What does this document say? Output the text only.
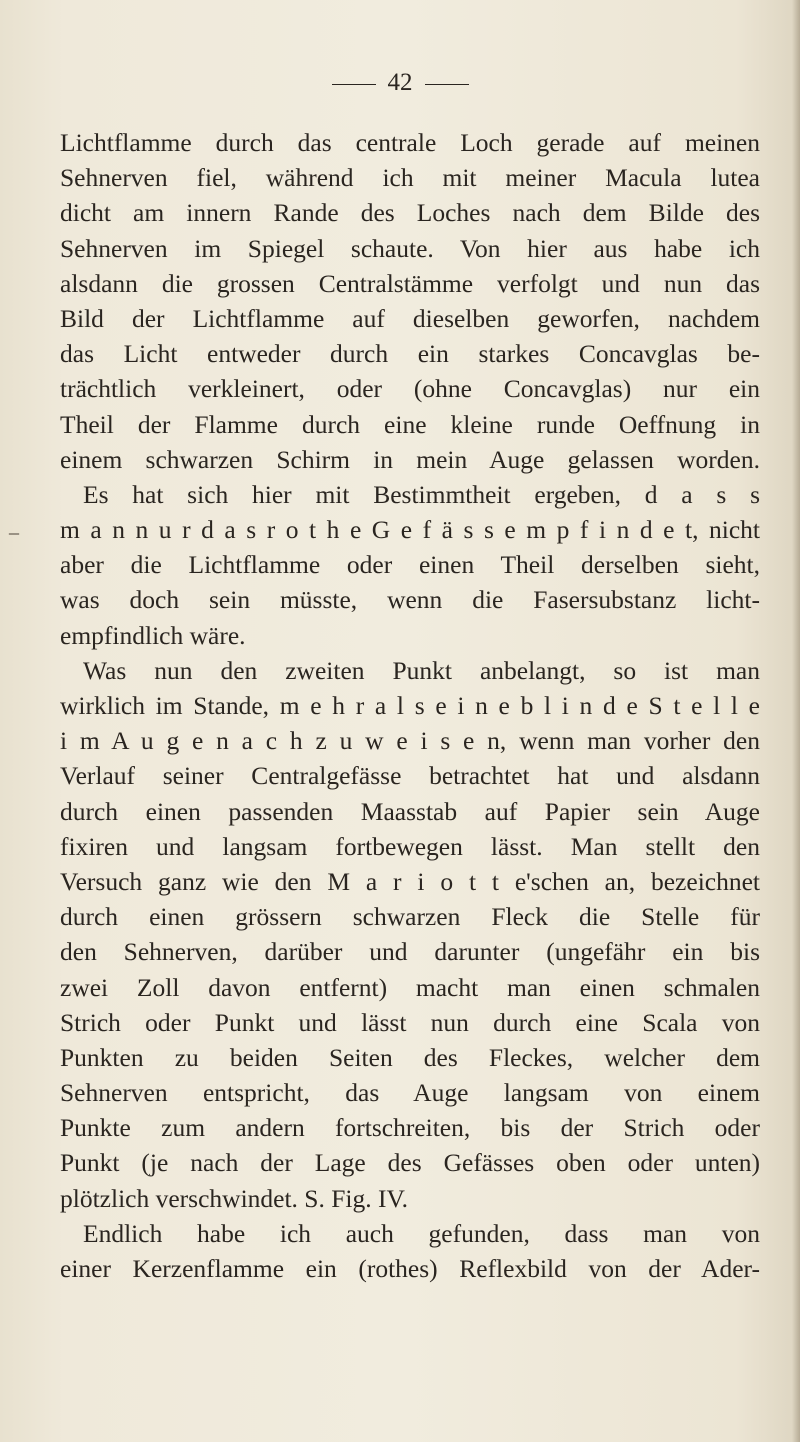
42
_
Lichtflamme durch das centrale Loch gerade auf meinen
Sehnerven fiel, während ich mit meiner Macula lutea
dicht am innern Rande des Loches nach dem Bilde des
Sehnerven im Spiegel schaute. Von hier aus habe ich
alsdann die grossen Centralstämme verfolgt und nun das
Bild der Lichtflamme auf dieselben geworfen, nachdem
das Licht entweder durch ein starkes Concavglas be-
trächtlich verkleinert, oder (ohne Concavglas) nur ein
Theil der Flamme durch eine kleine runde Oeffnung in
einem schwarzen Schirm in mein Auge gelassen worden.
Es hat sich hier mit Bestimmtheit ergeben, d a s s
m a n n u r d a s r o t h e G e f ä s s e m p f i n d e t, nicht
aber die Lichtflamme oder einen Theil derselben sieht,
was doch sein müsste, wenn die Fasersubstanz licht-
empfindlich wäre.
Was nun den zweiten Punkt anbelangt, so ist man
wirklich im Stande, m e h r a l s e i n e b l i n d e S t e l l e
i m A u g e n a c h z u w e i s e n, wenn man vorher den
Verlauf seiner Centralgefässe betrachtet hat und alsdann
durch einen passenden Maasstab auf Papier sein Auge
fixiren und langsam fortbewegen lässt. Man stellt den
Versuch ganz wie den M a r i o t t e'schen an, bezeichnet
durch einen grössern schwarzen Fleck die Stelle für
den Sehnerven, darüber und darunter (ungefähr ein bis
zwei Zoll davon entfernt) macht man einen schmalen
Strich oder Punkt und lässt nun durch eine Scala von
Punkten zu beiden Seiten des Fleckes, welcher dem
Sehnerven entspricht, das Auge langsam von einem
Punkte zum andern fortschreiten, bis der Strich oder
Punkt (je nach der Lage des Gefässes oben oder unten)
plötzlich verschwindet. S. Fig. IV.
Endlich habe ich auch gefunden, dass man von
einer Kerzenflamme ein (rothes) Reflexbild von der Ader-
